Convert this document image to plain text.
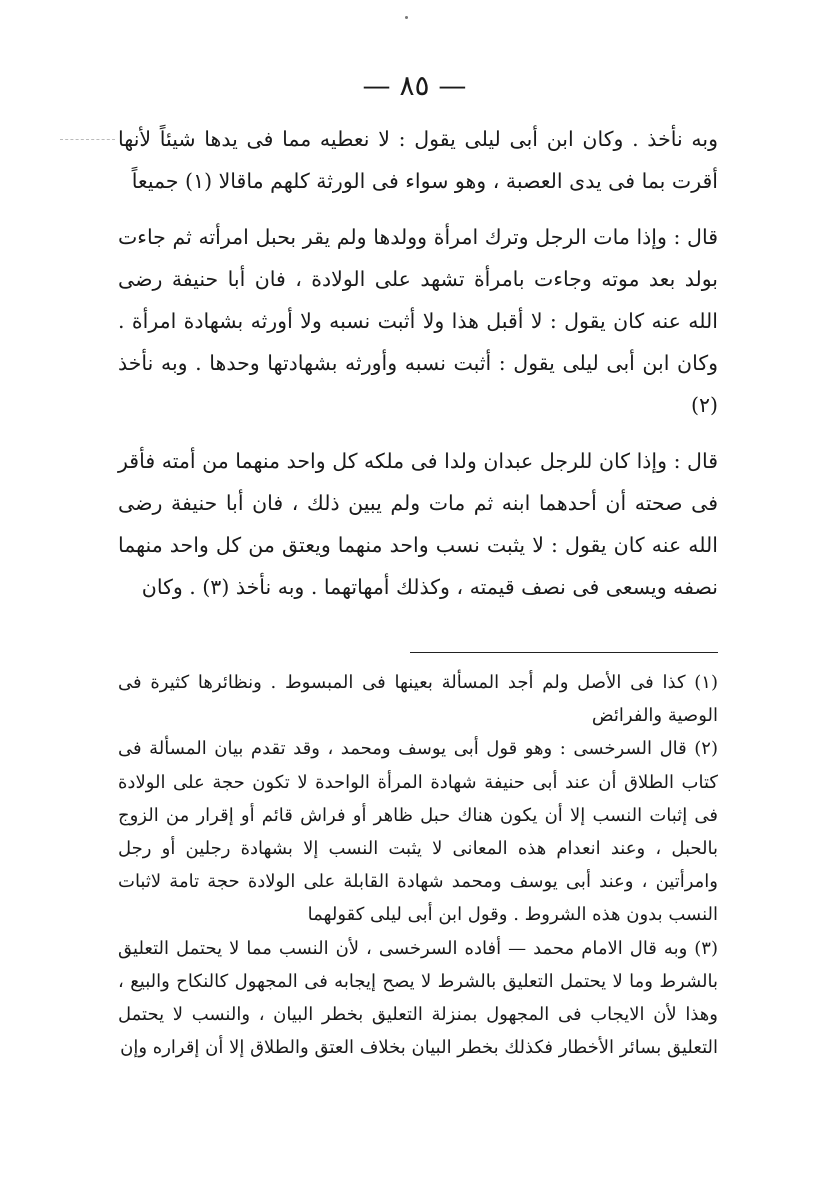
— ٨٥ —

وبه نأخذ . وكان ابن أبى ليلى يقول : لا نعطيه مما فى يدها شيئاً لأنها أقرت بما فى يدى العصبة ، وهو سواء فى الورثة كلهم ماقالا (١) جميعاً

قال : وإذا مات الرجل وترك امرأة وولدها ولم يقر بحبل امرأته ثم جاءت بولد بعد موته وجاءت بامرأة تشهد على الولادة ، فان أبا حنيفة رضى الله عنه كان يقول : لا أقبل هذا ولا أثبت نسبه ولا أورثه بشهادة امرأة . وكان ابن أبى ليلى يقول : أثبت نسبه وأورثه بشهادتها وحدها . وبه نأخذ (٢)

قال : وإذا كان للرجل عبدان ولدا فى ملكه كل واحد منهما من أمته فأقر فى صحته أن أحدهما ابنه ثم مات ولم يبين ذلك ، فان أبا حنيفة رضى الله عنه كان يقول : لا يثبت نسب واحد منهما ويعتق من كل واحد منهما نصفه ويسعى فى نصف قيمته ، وكذلك أمهاتهما . وبه نأخذ (٣) . وكان

(١) كذا فى الأصل ولم أجد المسألة بعينها فى المبسوط . ونظائرها كثيرة فى الوصية والفرائض

(٢) قال السرخسى : وهو قول أبى يوسف ومحمد ، وقد تقدم بيان المسألة فى كتاب الطلاق أن عند أبى حنيفة شهادة المرأة الواحدة لا تكون حجة على الولادة فى إثبات النسب إلا أن يكون هناك حبل ظاهر أو فراش قائم أو إقرار من الزوج بالحبل ، وعند انعدام هذه المعانى لا يثبت النسب إلا بشهادة رجلين أو رجل وامرأتين ، وعند أبى يوسف ومحمد شهادة القابلة على الولادة حجة تامة لاثبات النسب بدون هذه الشروط . وقول ابن أبى ليلى كقولهما

(٣) وبه قال الامام محمد — أفاده السرخسى ، لأن النسب مما لا يحتمل التعليق بالشرط وما لا يحتمل التعليق بالشرط لا يصح إيجابه فى المجهول كالنكاح والبيع ، وهذا لأن الايجاب فى المجهول بمنزلة التعليق بخطر البيان ، والنسب لا يحتمل التعليق بسائر الأخطار فكذلك بخطر البيان بخلاف العتق والطلاق إلا أن إقراره وإن
